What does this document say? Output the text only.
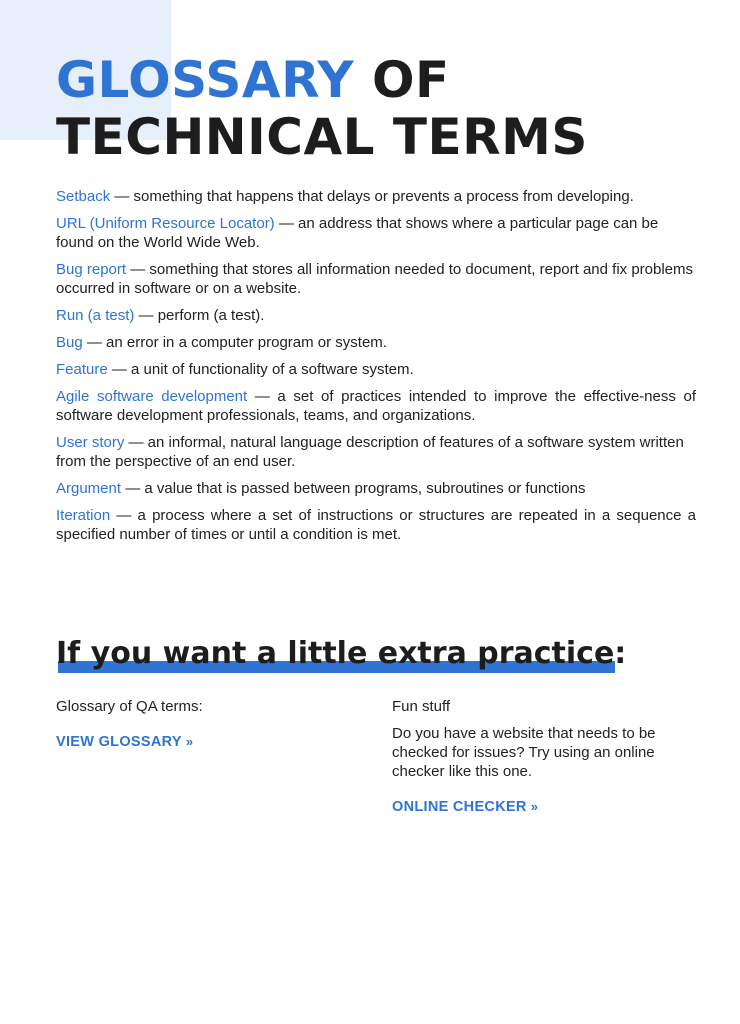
GLOSSARY OF
TECHNICAL TERMS

Setback — something that happens that delays or prevents a process from developing.

URL (Uniform Resource Locator) — an address that shows where a particular page can be found on the World Wide Web.

Bug report — something that stores all information needed to document, report and fix problems occurred in software or on a website.

Run (a test) — perform (a test).

Bug — an error in a computer program or system.

Feature — a unit of functionality of a software system.

Agile software development — a set of practices intended to improve the effective-ness of software development professionals, teams, and organizations.

User story — an informal, natural language description of features of a software system written from the perspective of an end user.

Argument — a value that is passed between programs, subroutines or functions

Iteration — a process where a set of instructions or structures are repeated in a sequence a specified number of times or until a condition is met.

If you want a little extra practice:

Glossary of QA terms:

VIEW GLOSSARY »

Fun stuff

Do you have a website that needs to be checked for issues? Try using an online checker like this one.

ONLINE CHECKER »
